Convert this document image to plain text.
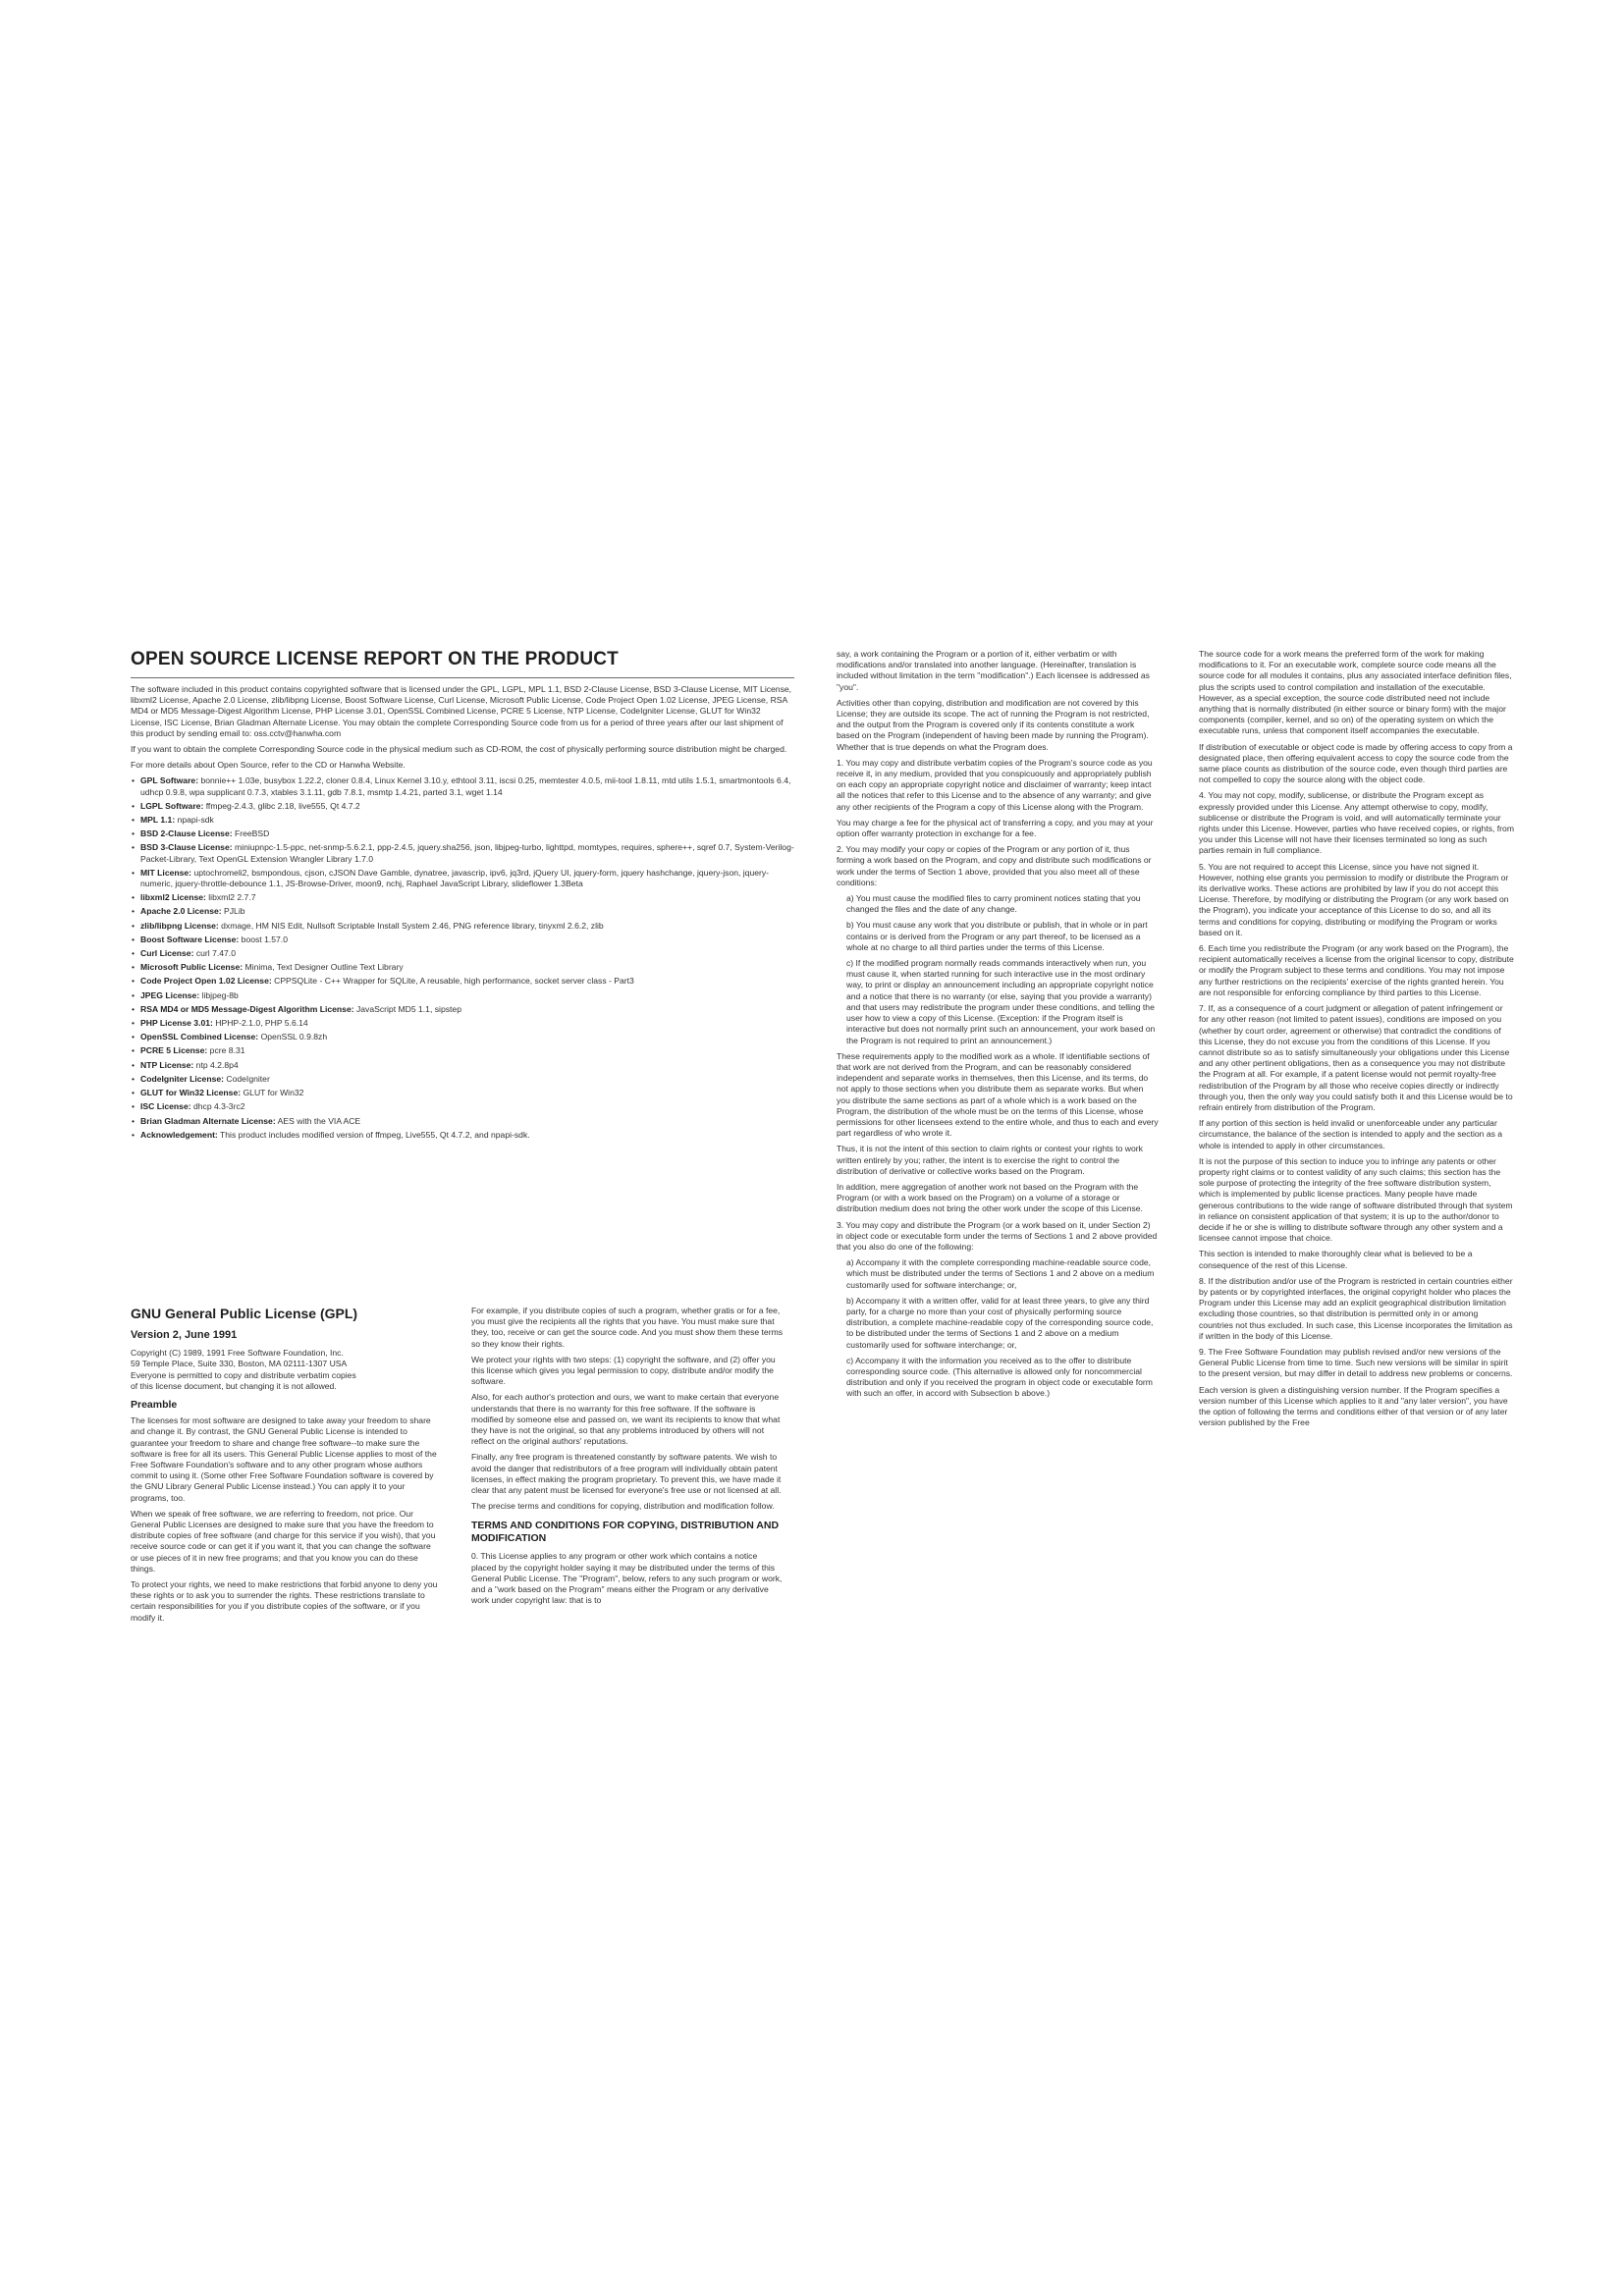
OPEN SOURCE LICENSE REPORT ON THE PRODUCT

The software included in this product contains copyrighted software that is licensed under the GPL, LGPL, MPL 1.1, BSD 2-Clause License, BSD 3-Clause License, MIT License, libxml2 License, Apache 2.0 License, zlib/libpng License, Boost Software License, Curl License, Microsoft Public License, Code Project Open 1.02 License, JPEG License, RSA MD4 or MD5 Message-Digest Algorithm License, PHP License 3.01, OpenSSL Combined License, PCRE 5 License, NTP License, CodeIgniter License, GLUT for Win32 License, ISC License, Brian Gladman Alternate License. You may obtain the complete Corresponding Source code from us for a period of three years after our last shipment of this product by sending email to: oss.cctv@hanwha.com

If you want to obtain the complete Corresponding Source code in the physical medium such as CD-ROM, the cost of physically performing source distribution might be charged.

For more details about Open Source, refer to the CD or Hanwha Website.

• GPL Software: bonnie++ 1.03e, busybox 1.22.2, cloner 0.8.4, Linux Kernel 3.10.y, ethtool 3.11, iscsi 0.25, memtester 4.0.5, mii-tool 1.8.11, mtd utils 1.5.1, smartmontools 6.4, udhcp 0.9.8, wpa supplicant 0.7.3, xtables 3.1.11, gdb 7.8.1, msmtp 1.4.21, parted 3.1, wget 1.14
• LGPL Software: ffmpeg-2.4.3, glibc 2.18, live555, Qt 4.7.2
• MPL 1.1: npapi-sdk
• BSD 2-Clause License: FreeBSD
• BSD 3-Clause License: miniupnpc-1.5-ppc, net-snmp-5.6.2.1, ppp-2.4.5, jquery.sha256, json, libjpeg-turbo, lighttpd, momtypes, requires, sphere++, sqref 0.7, System-Verilog-Packet-Library, Text OpenGL Extension Wrangler Library 1.7.0
• MIT License: uptochromeli2, bsmpondous, cjson, cJSON Dave Gamble, dynatree, javascrip, ipv6, jq3rd, jQuery UI, jquery-form, jquery hashchange, jquery-json, jquery-numeric, jquery-throttle-debounce 1.1, JS-Browse-Driver, moon9, nchj, Raphael JavaScript Library, slideflower 1.3Beta
• libxml2 License: libxml2 2.7.7
• Apache 2.0 License: PJLib
• zlib/libpng License: dxmage, HM NIS Edit, Nullsoft Scriptable Install System 2.46, PNG reference library, tinyxml 2.6.2, zlib
• Boost Software License: boost 1.57.0
• Curl License: curl 7.47.0
• Microsoft Public License: Minima, Text Designer Outline Text Library
• Code Project Open 1.02 License: CPPSQLite - C++ Wrapper for SQLite, A reusable, high performance, socket server class - Part3
• JPEG License: libjpeg-8b
• RSA MD4 or MD5 Message-Digest Algorithm License: JavaScript MD5 1.1, sipstep
• PHP License 3.01: HPHP-2.1.0, PHP 5.6.14
• OpenSSL Combined License: OpenSSL 0.9.8zh
• PCRE 5 License: pcre 8.31
• NTP License: ntp 4.2.8p4
• CodeIgniter License: CodeIgniter
• GLUT for Win32 License: GLUT for Win32
• ISC License: dhcp 4.3-3rc2
• Brian Gladman Alternate License: AES with the VIA ACE
• Acknowledgement: This product includes modified version of ffmpeg, Live555, Qt 4.7.2, and npapi-sdk.
GNU General Public License (GPL)
Version 2, June 1991
Copyright (C) 1989, 1991 Free Software Foundation, Inc.
59 Temple Place, Suite 330, Boston, MA 02111-1307 USA
Everyone is permitted to copy and distribute verbatim copies
of this license document, but changing it is not allowed.
Preamble

The licenses for most software are designed to take away your freedom to share and change it. By contrast, the GNU General Public License is intended to guarantee your freedom to share and change free software--to make sure the software is free for all its users. This General Public License applies to most of the Free Software Foundation's software and to any other program whose authors commit to using it. (Some other Free Software Foundation software is covered by the GNU Library General Public License instead.) You can apply it to your programs, too.

When we speak of free software, we are referring to freedom, not price. Our General Public Licenses are designed to make sure that you have the freedom to distribute copies of free software (and charge for this service if you wish), that you receive source code or can get it if you want it, that you can change the software or use pieces of it in new free programs; and that you know you can do these things.

To protect your rights, we need to make restrictions that forbid anyone to deny you these rights or to ask you to surrender the rights. These restrictions translate to certain responsibilities for you if you distribute copies of the software, or if you modify it.

For example, if you distribute copies of such a program, whether gratis or for a fee, you must give the recipients all the rights that you have. You must make sure that they, too, receive or can get the source code. And you must show them these terms so they know their rights.

We protect your rights with two steps: (1) copyright the software, and (2) offer you this license which gives you legal permission to copy, distribute and/or modify the software.

Also, for each author's protection and ours, we want to make certain that everyone understands that there is no warranty for this free software. If the software is modified by someone else and passed on, we want its recipients to know that what they have is not the original, so that any problems introduced by others will not reflect on the original authors' reputations.

Finally, any free program is threatened constantly by software patents. We wish to avoid the danger that redistributors of a free program will individually obtain patent licenses, in effect making the program proprietary. To prevent this, we have made it clear that any patent must be licensed for everyone's free use or not licensed at all.

The precise terms and conditions for copying, distribution and modification follow.

TERMS AND CONDITIONS FOR COPYING, DISTRIBUTION AND MODIFICATION

0. This License applies to any program or other work which contains a notice placed by the copyright holder saying it may be distributed under the terms of this General Public License. The "Program", below, refers to any such program or work, and a "work based on the Program" means either the Program or any derivative work under copyright law: that is to

say, a work containing the Program or a portion of it, either verbatim or with modifications and/or translated into another language. (Hereinafter, translation is included without limitation in the term "modification".) Each licensee is addressed as "you".

Activities other than copying, distribution and modification are not covered by this License; they are outside its scope. The act of running the Program is not restricted, and the output from the Program is covered only if its contents constitute a work based on the Program (independent of having been made by running the Program). Whether that is true depends on what the Program does.

1. You may copy and distribute verbatim copies of the Program's source code as you receive it, in any medium, provided that you conspicuously and appropriately publish on each copy an appropriate copyright notice and disclaimer of warranty; keep intact all the notices that refer to this License and to the absence of any warranty; and give any other recipients of the Program a copy of this License along with the Program.

You may charge a fee for the physical act of transferring a copy, and you may at your option offer warranty protection in exchange for a fee.

2. You may modify your copy or copies of the Program or any portion of it, thus forming a work based on the Program, and copy and distribute such modifications or work under the terms of Section 1 above, provided that you also meet all of these conditions:

a) You must cause the modified files to carry prominent notices stating that you changed the files and the date of any change.

b) You must cause any work that you distribute or publish, that in whole or in part contains or is derived from the Program or any part thereof, to be licensed as a whole at no charge to all third parties under the terms of this License.

c) If the modified program normally reads commands interactively when run, you must cause it, when started running for such interactive use in the most ordinary way, to print or display an announcement including an appropriate copyright notice and a notice that there is no warranty (or else, saying that you provide a warranty) and that users may redistribute the program under these conditions, and telling the user how to view a copy of this License. (Exception: if the Program itself is interactive but does not normally print such an announcement, your work based on the Program is not required to print an announcement.)

These requirements apply to the modified work as a whole. If identifiable sections of that work are not derived from the Program, and can be reasonably considered independent and separate works in themselves, then this License, and its terms, do not apply to those sections when you distribute them as separate works. But when you distribute the same sections as part of a whole which is a work based on the Program, the distribution of the whole must be on the terms of this License, whose permissions for other licensees extend to the entire whole, and thus to each and every part regardless of who wrote it.

Thus, it is not the intent of this section to claim rights or contest your rights to work written entirely by you; rather, the intent is to exercise the right to control the distribution of derivative or collective works based on the Program.

In addition, mere aggregation of another work not based on the Program with the Program (or with a work based on the Program) on a volume of a storage or distribution medium does not bring the other work under the scope of this License.

3. You may copy and distribute the Program (or a work based on it, under Section 2) in object code or executable form under the terms of Sections 1 and 2 above provided that you also do one of the following:

a) Accompany it with the complete corresponding machine-readable source code, which must be distributed under the terms of Sections 1 and 2 above on a medium customarily used for software interchange; or,

b) Accompany it with a written offer, valid for at least three years, to give any third party, for a charge no more than your cost of physically performing source distribution, a complete machine-readable copy of the corresponding source code, to be distributed under the terms of Sections 1 and 2 above on a medium customarily used for software interchange; or,

c) Accompany it with the information you received as to the offer to distribute corresponding source code. (This alternative is allowed only for noncommercial distribution and only if you received the program in object code or executable form with such an offer, in accord with Subsection b above.)

The source code for a work means the preferred form of the work for making modifications to it. For an executable work, complete source code means all the source code for all modules it contains, plus any associated interface definition files, plus the scripts used to control compilation and installation of the executable. However, as a special exception, the source code distributed need not include anything that is normally distributed (in either source or binary form) with the major components (compiler, kernel, and so on) of the operating system on which the executable runs, unless that component itself accompanies the executable.

If distribution of executable or object code is made by offering access to copy from a designated place, then offering equivalent access to copy the source code from the same place counts as distribution of the source code, even though third parties are not compelled to copy the source along with the object code.

4. You may not copy, modify, sublicense, or distribute the Program except as expressly provided under this License. Any attempt otherwise to copy, modify, sublicense or distribute the Program is void, and will automatically terminate your rights under this License. However, parties who have received copies, or rights, from you under this License will not have their licenses terminated so long as such parties remain in full compliance.

5. You are not required to accept this License, since you have not signed it. However, nothing else grants you permission to modify or distribute the Program or its derivative works. These actions are prohibited by law if you do not accept this License. Therefore, by modifying or distributing the Program (or any work based on the Program), you indicate your acceptance of this License to do so, and all its terms and conditions for copying, distributing or modifying the Program or works based on it.

6. Each time you redistribute the Program (or any work based on the Program), the recipient automatically receives a license from the original licensor to copy, distribute or modify the Program subject to these terms and conditions. You may not impose any further restrictions on the recipients' exercise of the rights granted herein. You are not responsible for enforcing compliance by third parties to this License.

7. If, as a consequence of a court judgment or allegation of patent infringement or for any other reason (not limited to patent issues), conditions are imposed on you (whether by court order, agreement or otherwise) that contradict the conditions of this License, they do not excuse you from the conditions of this License. If you cannot distribute so as to satisfy simultaneously your obligations under this License and any other pertinent obligations, then as a consequence you may not distribute the Program at all. For example, if a patent license would not permit royalty-free redistribution of the Program by all those who receive copies directly or indirectly through you, then the only way you could satisfy both it and this License would be to refrain entirely from distribution of the Program.

If any portion of this section is held invalid or unenforceable under any particular circumstance, the balance of the section is intended to apply and the section as a whole is intended to apply in other circumstances.

It is not the purpose of this section to induce you to infringe any patents or other property right claims or to contest validity of any such claims; this section has the sole purpose of protecting the integrity of the free software distribution system, which is implemented by public license practices. Many people have made generous contributions to the wide range of software distributed through that system in reliance on consistent application of that system; it is up to the author/donor to decide if he or she is willing to distribute software through any other system and a licensee cannot impose that choice.

This section is intended to make thoroughly clear what is believed to be a consequence of the rest of this License.

8. If the distribution and/or use of the Program is restricted in certain countries either by patents or by copyrighted interfaces, the original copyright holder who places the Program under this License may add an explicit geographical distribution limitation excluding those countries, so that distribution is permitted only in or among countries not thus excluded. In such case, this License incorporates the limitation as if written in the body of this License.

9. The Free Software Foundation may publish revised and/or new versions of the General Public License from time to time. Such new versions will be similar in spirit to the present version, but may differ in detail to address new problems or concerns.

Each version is given a distinguishing version number. If the Program specifies a version number of this License which applies to it and "any later version", you have the option of following the terms and conditions either of that version or of any later version published by the Free
